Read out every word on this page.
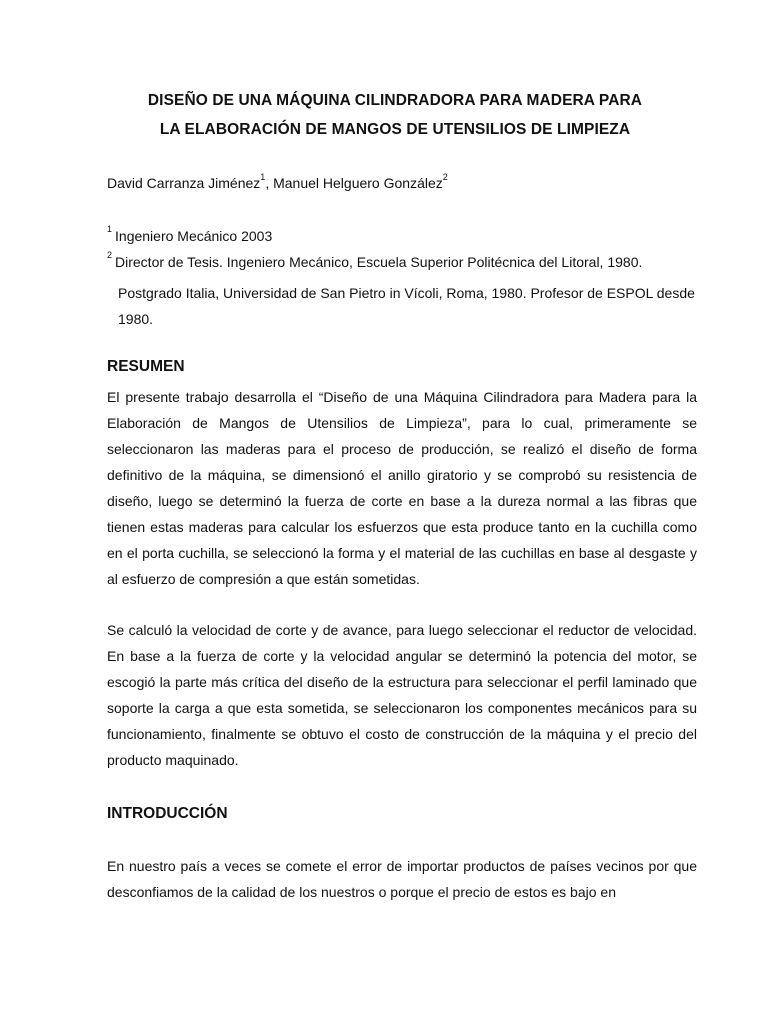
DISEÑO DE UNA MÁQUINA CILINDRADORA PARA MADERA PARA
LA ELABORACIÓN DE MANGOS DE UTENSILIOS DE LIMPIEZA
David Carranza Jiménez$^1$, Manuel Helguero González$^2$
$^1$ Ingeniero Mecánico 2003
$^2$ Director de Tesis. Ingeniero Mecánico, Escuela Superior Politécnica del Litoral, 1980.
Postgrado Italia, Universidad de San Pietro in Vícoli, Roma, 1980. Profesor de ESPOL desde 1980.
RESUMEN

El presente trabajo desarrolla el “Diseño de una Máquina Cilindradora para Madera para la Elaboración de Mangos de Utensilios de Limpieza”, para lo cual, primeramente se seleccionaron las maderas para el proceso de producción, se realizó el diseño de forma definitivo de la máquina, se dimensionó el anillo giratorio y se comprobó su resistencia de diseño, luego se determinó la fuerza de corte en base a la dureza normal a las fibras que tienen estas maderas para calcular los esfuerzos que esta produce tanto en la cuchilla como en el porta cuchilla, se seleccionó la forma y el material de las cuchillas en base al desgaste y al esfuerzo de compresión a que están sometidas.

Se calculó la velocidad de corte y de avance, para luego seleccionar el reductor de velocidad. En base a la fuerza de corte y la velocidad angular se determinó la potencia del motor, se escogió la parte más crítica del diseño de la estructura para seleccionar el perfil laminado que soporte la carga a que esta sometida, se seleccionaron los componentes mecánicos para su funcionamiento, finalmente se obtuvo el costo de construcción de la máquina y el precio del producto maquinado.

INTRODUCCIÓN

En nuestro país a veces se comete el error de importar productos de países vecinos por que desconfiamos de la calidad de los nuestros o porque el precio de estos es bajo en
